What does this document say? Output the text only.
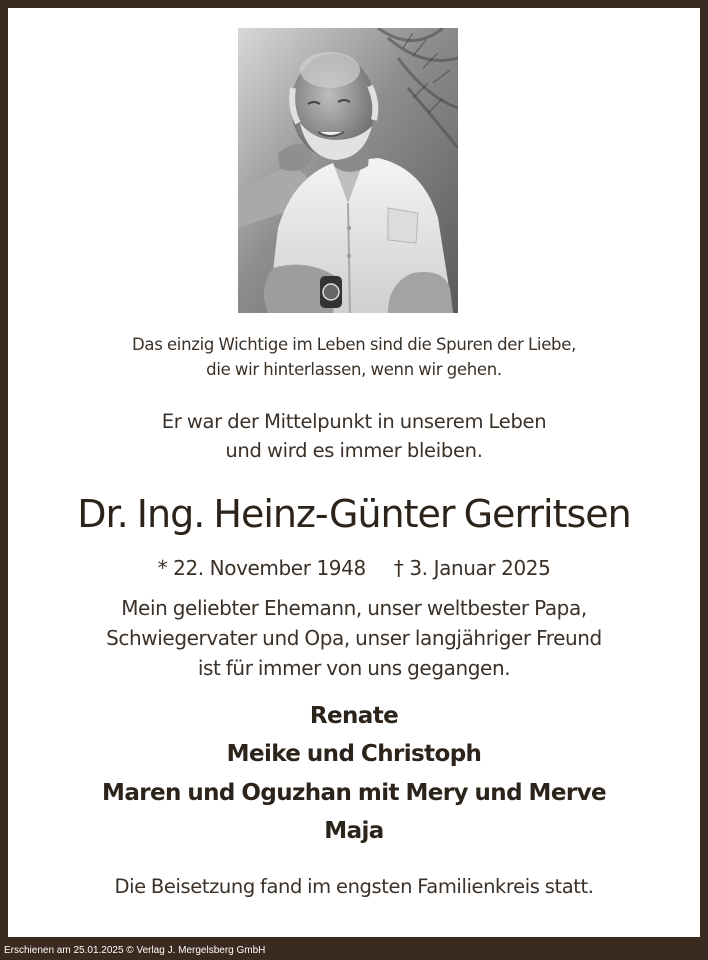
Das einzig Wichtige im Leben sind die Spuren der Liebe,
die wir hinterlassen, wenn wir gehen.
Er war der Mittelpunkt in unserem Leben
und wird es immer bleiben.
Dr. Ing. Heinz-Günter Gerritsen
* 22. November 1948 † 3. Januar 2025
Mein geliebter Ehemann, unser weltbester Papa,
Schwiegervater und Opa, unser langjähriger Freund
ist für immer von uns gegangen.
Renate
Meike und Christoph
Maren und Oguzhan mit Mery und Merve
Maja
Die Beisetzung fand im engsten Familienkreis statt.
Erschienen am 25.01.2025 © Verlag J. Mergelsberg GmbH
